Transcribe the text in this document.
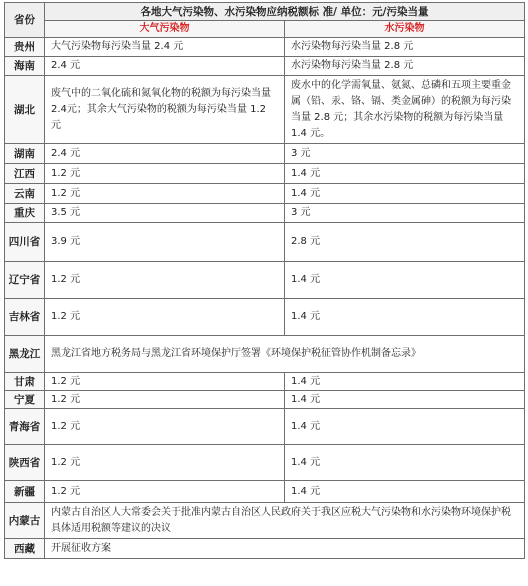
省份	各地大气污染物、水污染物应纳税额标 准/ 单位：元/污染当量	
	大气污染物	水污染物
贵州	大气污染物每污染当量 2.4 元	水污染物每污染当量 2.8 元
海南	2.4 元	水污染物每污染当量 2.8 元
湖北	废气中的二氧化硫和氮氧化物的税额为每污染当量2.4元；其余大气污染物的税额为每污染当量 1.2 元	废水中的化学需氧量、氨氮、总磷和五项主要重金属（铅、汞、铬、镉、类金属砷）的税额为每污染当量 2.8 元；其余水污染物的税额为每污染当量 1.4 元。
湖南	2.4 元	3 元
江西	1.2 元	1.4 元
云南	1.2 元	1.4 元
重庆	3.5 元	3 元
四川省	3.9 元	2.8 元
辽宁省	1.2 元	1.4 元
吉林省	1.2 元	1.4 元
黑龙江	黑龙江省地方税务局与黑龙江省环境保护厅签署《环境保护税征管协作机制备忘录》	
甘肃	1.2 元	1.4 元
宁夏	1.2 元	1.4 元
青海省	1.2 元	1.4 元
陕西省	1.2 元	1.4 元
新疆	1.2 元	1.4 元
内蒙古	内蒙古自治区人大常委会关于批准内蒙古自治区人民政府关于我区应税大气污染物和水污染物环境保护税具体适用税额等建议的决议	
西藏	开展征收方案	
